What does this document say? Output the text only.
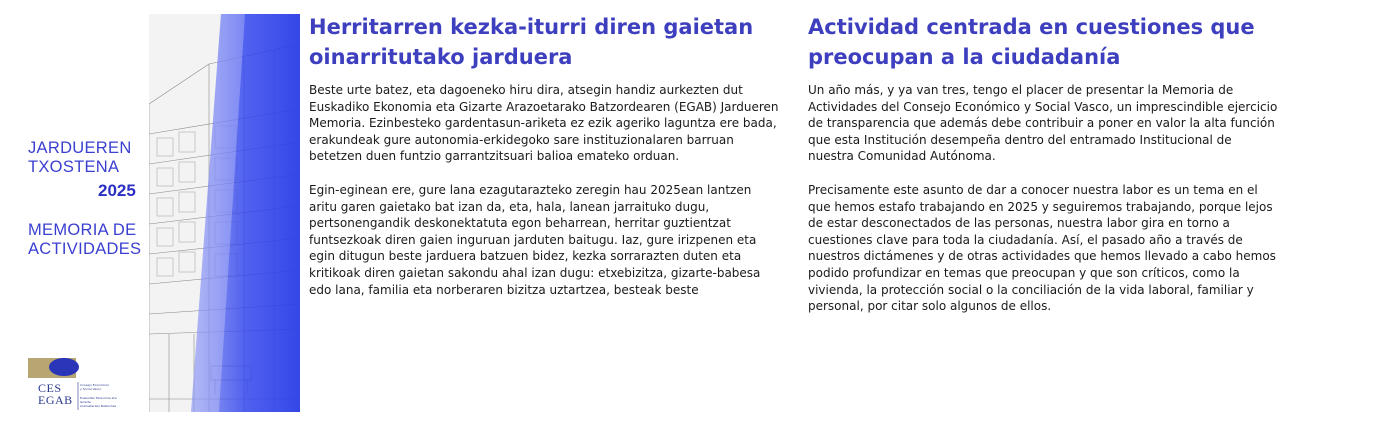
JARDUEREN
TXOSTENA
2025
MEMORIA DE
ACTIVIDADES
CES
EGAB
Consejo Económico
y Social Vasco
Euskadiko Ekonomia eta Gizarte
Arazoetarako Batzordea
Herritarren kezka-iturri diren gaietan
oinarritutako jarduera

Beste urte batez, eta dagoeneko hiru dira, atsegin handiz aurkezten dut Euskadiko Ekonomia eta Gizarte Arazoetarako Batzordearen (EGAB) Jardueren Memoria. Ezinbesteko gardentasun-ariketa ez ezik ageriko laguntza ere bada, erakundeak gure autonomia-erkidegoko sare instituzionalaren barruan betetzen duen funtzio garrantzitsuari balioa emateko orduan.

Egin-eginean ere, gure lana ezagutarazteko zeregin hau 2025ean lantzen aritu garen gaietako bat izan da, eta, hala, lanean jarraituko dugu, pertsonengandik deskonektatuta egon beharrean, herritar guztientzat funtsezkoak diren gaien inguruan jarduten baitugu. Iaz, gure irizpenen eta egin ditugun beste jarduera batzuen bidez, kezka sorrarazten duten eta kritikoak diren gaietan sakondu ahal izan dugu: etxebizitza, gizarte-babesa edo lana, familia eta norberaren bizitza uztartzea, besteak beste

Actividad centrada en cuestiones que
preocupan a la ciudadanía

Un año más, y ya van tres, tengo el placer de presentar la Memoria de Actividades del Consejo Económico y Social Vasco, un imprescindible ejercicio de transparencia que además debe contribuir a poner en valor la alta función que esta Institución desempeña dentro del entramado Institucional de nuestra Comunidad Autónoma.

Precisamente este asunto de dar a conocer nuestra labor es un tema en el que hemos estafo trabajando en 2025 y seguiremos trabajando, porque lejos de estar desconectados de las personas, nuestra labor gira en torno a cuestiones clave para toda la ciudadanía. Así, el pasado año a través de nuestros dictámenes y de otras actividades que hemos llevado a cabo hemos podido profundizar en temas que preocupan y que son críticos, como la vivienda, la protección social o la conciliación de la vida laboral, familiar y personal, por citar solo algunos de ellos.
